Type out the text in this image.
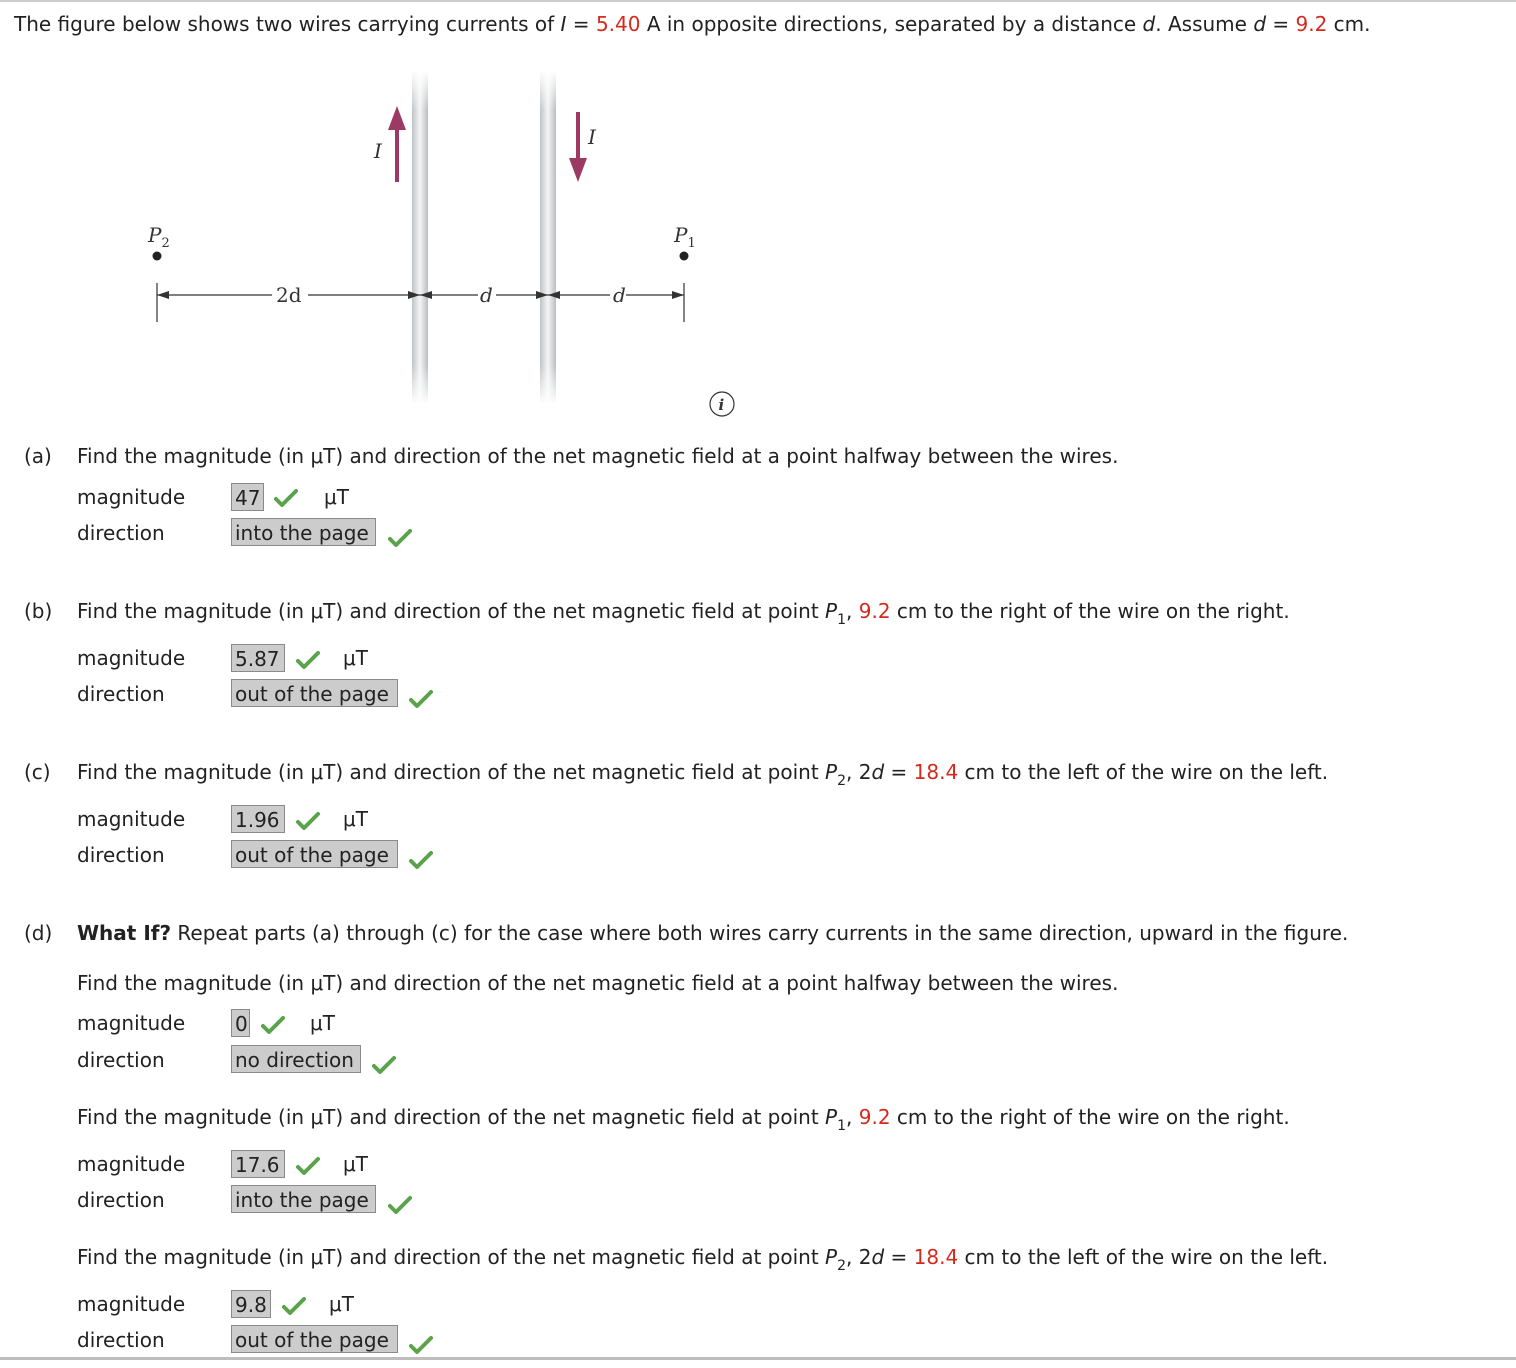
The figure below shows two wires carrying currents of I = 5.40 A in opposite directions, separated by a distance d. Assume d = 9.2 cm.
I
I
$P_2$	$P_1$
2d	d	d
i
(a) Find the magnitude (in μT) and direction of the net magnetic field at a point halfway between the wires.
magnitude 47	μT
direction	into the page
(b) Find the magnitude (in μT) and direction of the net magnetic field at point $P_1$, 9.2 cm to the right of the wire on the right.
magnitude 5.87	μT
direction	out of the page
(c) Find the magnitude (in μT) and direction of the net magnetic field at point $P_2$, 2d = 18.4 cm to the left of the wire on the left.
magnitude 1.96	μT
direction	out of the page
(d) What If? Repeat parts (a) through (c) for the case where both wires carry currents in the same direction, upward in the figure.
Find the magnitude (in μT) and direction of the net magnetic field at a point halfway between the wires.
magnitude 0	μT
direction	no direction
Find the magnitude (in μT) and direction of the net magnetic field at point $P_1$, 9.2 cm to the right of the wire on the right.
magnitude 17.6	μT
direction	into the page
Find the magnitude (in μT) and direction of the net magnetic field at point $P_2$, 2d = 18.4 cm to the left of the wire on the left.
magnitude 9.8	μT
direction	out of the page
